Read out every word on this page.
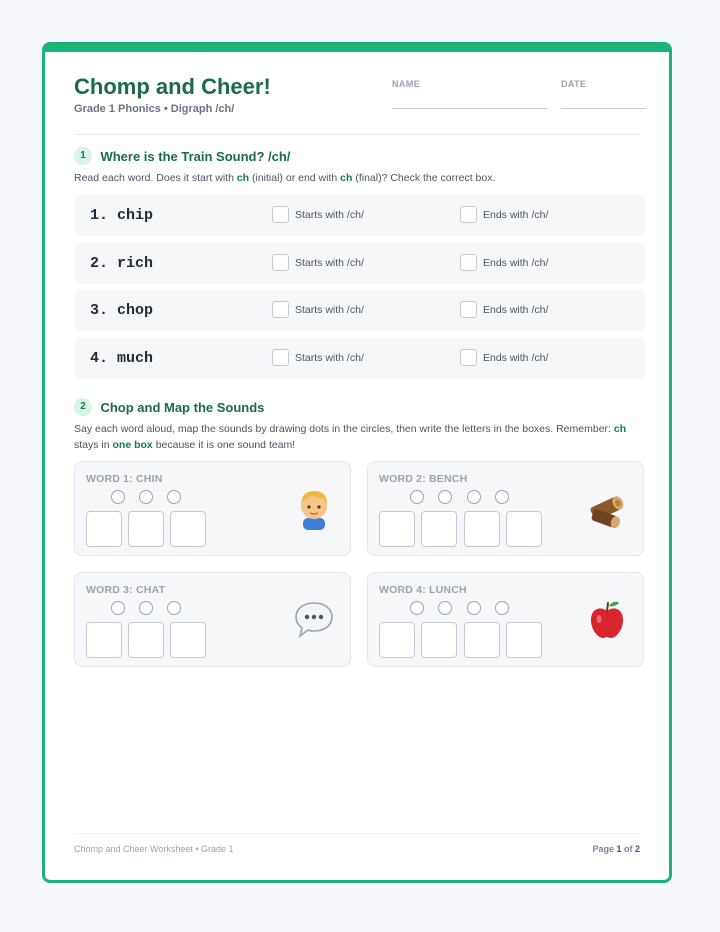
Chomp and Cheer!
Grade 1 Phonics • Digraph /ch/
NAME	DATE
1 Where is the Train Sound? /ch/
Read each word. Does it start with ch (initial) or end with ch (final)? Check the correct box.
1. chip	Starts with /ch/	Ends with /ch/
2. rich	Starts with /ch/	Ends with /ch/
3. chop	Starts with /ch/	Ends with /ch/
4. much	Starts with /ch/	Ends with /ch/
2 Chop and Map the Sounds
Say each word aloud, map the sounds by drawing dots in the circles, then write the letters in the boxes. Remember: ch stays in one box because it is one sound team!
WORD 1: CHIN	WORD 2: BENCH
WORD 3: CHAT	WORD 4: LUNCH
Chomp and Cheer Worksheet • Grade 1	Page 1 of 2
